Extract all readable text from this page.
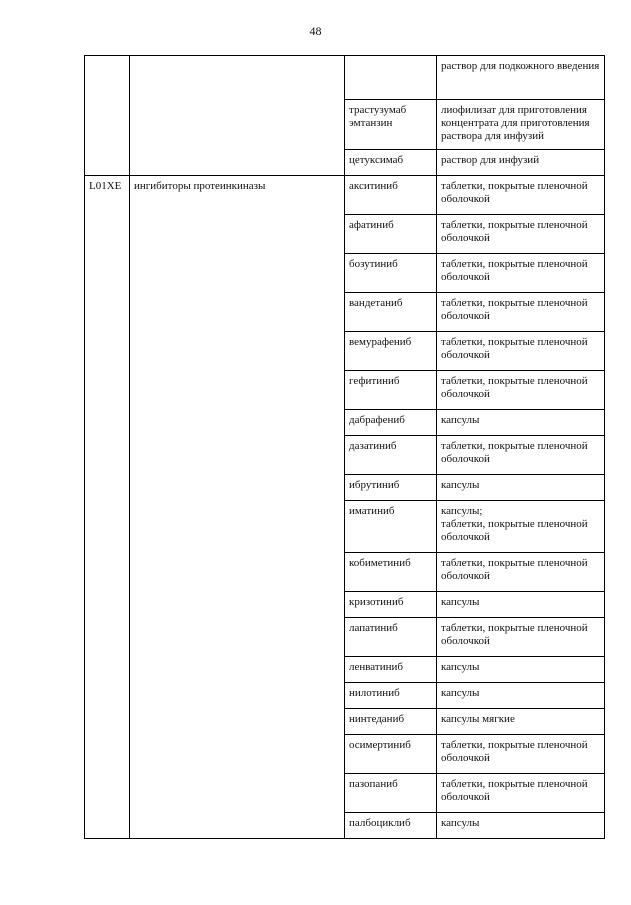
48
			раствор для подкожного введения
		трастузумаб эмтанзин	лиофилизат для приготовления концентрата для приготовления раствора для инфузий
		цетуксимаб	раствор для инфузий
L01XE	ингибиторы протеинкиназы	акситиниб	таблетки, покрытые пленочной оболочкой
		афатиниб	таблетки, покрытые пленочной оболочкой
		бозутиниб	таблетки, покрытые пленочной оболочкой
		вандетаниб	таблетки, покрытые пленочной оболочкой
		вемурафениб	таблетки, покрытые пленочной оболочкой
		гефитиниб	таблетки, покрытые пленочной оболочкой
		дабрафениб	капсулы
		дазатиниб	таблетки, покрытые пленочной оболочкой
		ибрутиниб	капсулы
		иматиниб	капсулы;
таблетки, покрытые пленочной оболочкой
		кобиметиниб	таблетки, покрытые пленочной оболочкой
		кризотиниб	капсулы
		лапатиниб	таблетки, покрытые пленочной оболочкой
		ленватиниб	капсулы
		нилотиниб	капсулы
		нинтеданиб	капсулы мягкие
		осимертиниб	таблетки, покрытые пленочной оболочкой
		пазопаниб	таблетки, покрытые пленочной оболочкой
		палбоциклиб	капсулы
